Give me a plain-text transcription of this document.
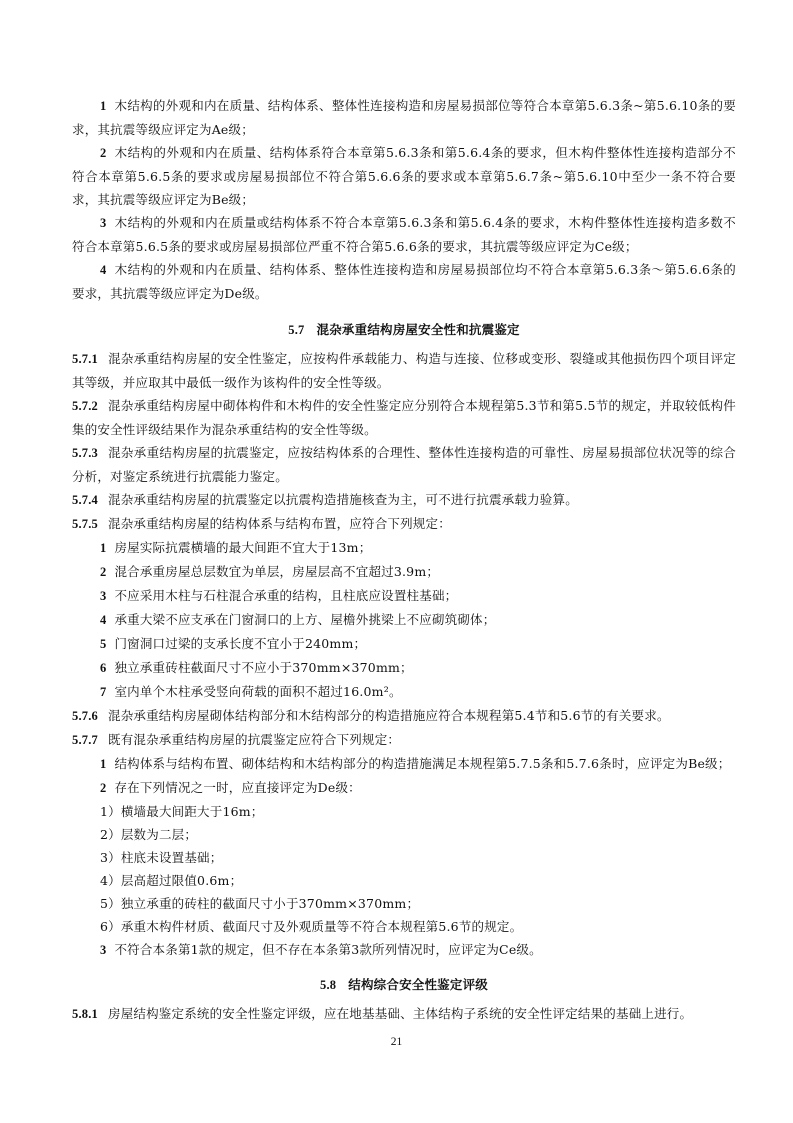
1 木结构的外观和内在质量、结构体系、整体性连接构造和房屋易损部位等符合本章第5.6.3条~第5.6.10条的要求，其抗震等级应评定为Ae级；

2 木结构的外观和内在质量、结构体系符合本章第5.6.3条和第5.6.4条的要求，但木构件整体性连接构造部分不符合本章第5.6.5条的要求或房屋易损部位不符合第5.6.6条的要求或本章第5.6.7条~第5.6.10中至少一条不符合要求，其抗震等级应评定为Be级；

3 木结构的外观和内在质量或结构体系不符合本章第5.6.3条和第5.6.4条的要求，木构件整体性连接构造多数不符合本章第5.6.5条的要求或房屋易损部位严重不符合第5.6.6条的要求，其抗震等级应评定为Ce级；

4 木结构的外观和内在质量、结构体系、整体性连接构造和房屋易损部位均不符合本章第5.6.3条～第5.6.6条的要求，其抗震等级应评定为De级。

5.7 混杂承重结构房屋安全性和抗震鉴定

5.7.1 混杂承重结构房屋的安全性鉴定，应按构件承载能力、构造与连接、位移或变形、裂缝或其他损伤四个项目评定其等级，并应取其中最低一级作为该构件的安全性等级。

5.7.2 混杂承重结构房屋中砌体构件和木构件的安全性鉴定应分别符合本规程第5.3节和第5.5节的规定，并取较低构件集的安全性评级结果作为混杂承重结构的安全性等级。

5.7.3 混杂承重结构房屋的抗震鉴定，应按结构体系的合理性、整体性连接构造的可靠性、房屋易损部位状况等的综合分析，对鉴定系统进行抗震能力鉴定。

5.7.4 混杂承重结构房屋的抗震鉴定以抗震构造措施核查为主，可不进行抗震承载力验算。

5.7.5 混杂承重结构房屋的结构体系与结构布置，应符合下列规定：

1 房屋实际抗震横墙的最大间距不宜大于13m；

2 混合承重房屋总层数宜为单层，房屋层高不宜超过3.9m；

3 不应采用木柱与石柱混合承重的结构，且柱底应设置柱基础；

4 承重大梁不应支承在门窗洞口的上方、屋檐外挑梁上不应砌筑砌体；

5 门窗洞口过梁的支承长度不宜小于240mm；

6 独立承重砖柱截面尺寸不应小于370mm×370mm；

7 室内单个木柱承受竖向荷载的面积不超过16.0m²。

5.7.6 混杂承重结构房屋砌体结构部分和木结构部分的构造措施应符合本规程第5.4节和5.6节的有关要求。

5.7.7 既有混杂承重结构房屋的抗震鉴定应符合下列规定：

1 结构体系与结构布置、砌体结构和木结构部分的构造措施满足本规程第5.7.5条和5.7.6条时，应评定为Be级；

2 存在下列情况之一时，应直接评定为De级：

1）横墙最大间距大于16m；

2）层数为二层；

3）柱底未设置基础；

4）层高超过限值0.6m；

5）独立承重的砖柱的截面尺寸小于370mm×370mm；

6）承重木构件材质、截面尺寸及外观质量等不符合本规程第5.6节的规定。

3 不符合本条第1款的规定，但不存在本条第3款所列情况时，应评定为Ce级。

5.8 结构综合安全性鉴定评级

5.8.1 房屋结构鉴定系统的安全性鉴定评级，应在地基基础、主体结构子系统的安全性评定结果的基础上进行。

21
